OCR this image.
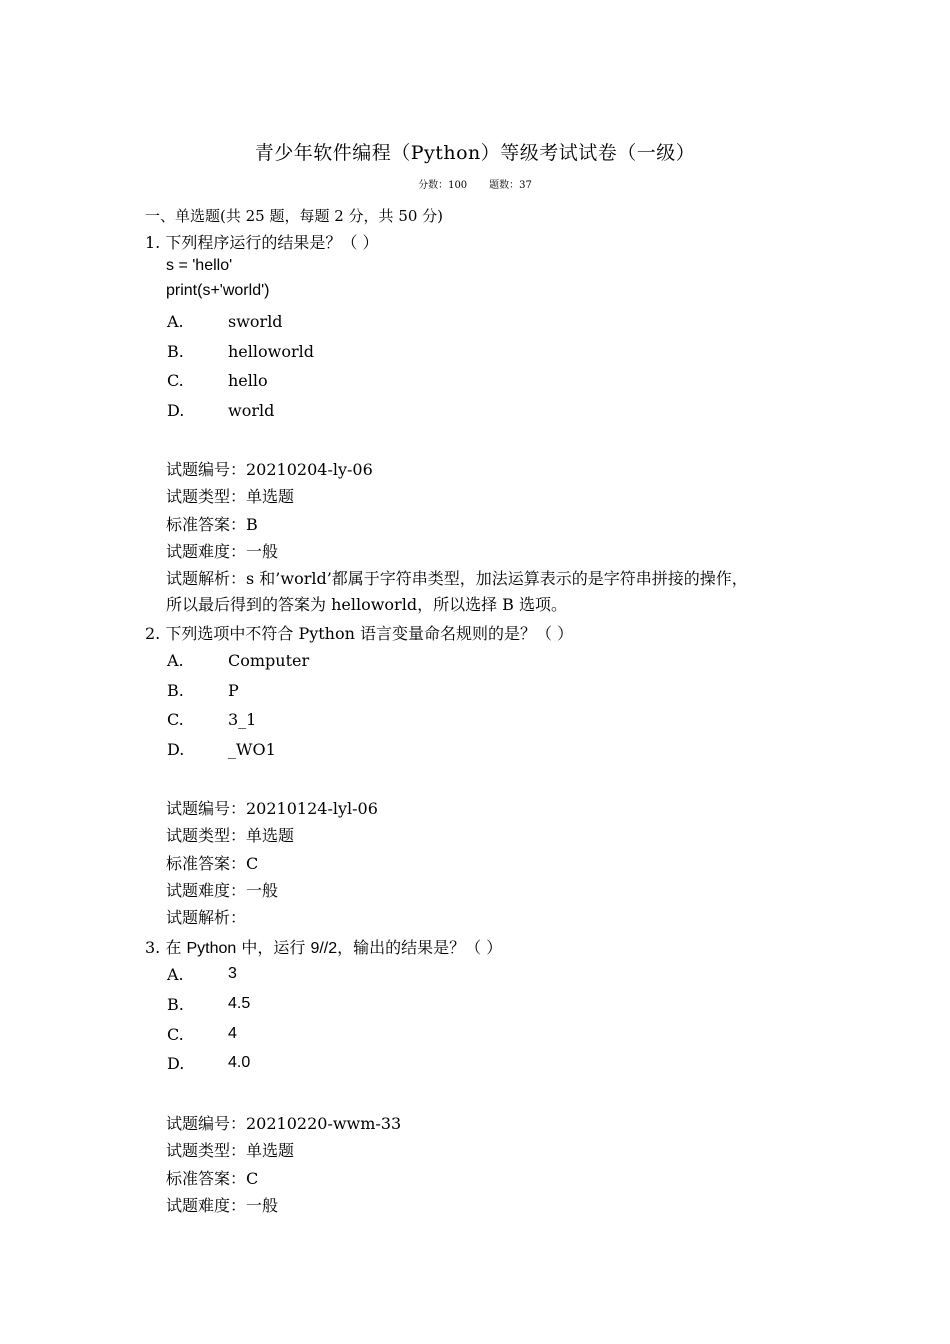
青少年软件编程（Python）等级考试试卷（一级）
分数：100 题数：37
一、单选题(共 25 题，每题 2 分，共 50 分)
1. 下列程序运行的结果是？（ ）
s = 'hello'
print(s+'world')
A.	sworld
B.	helloworld
C.	hello
D.	world
试题编号：20210204-ly-06
试题类型：单选题
标准答案：B
试题难度：一般
试题解析：s 和’world’都属于字符串类型，加法运算表示的是字符串拼接的操作，
所以最后得到的答案为 helloworld，所以选择 B 选项。
2. 下列选项中不符合 Python 语言变量命名规则的是？（ ）
A.	Computer
B.	P
C.	3_1
D.	_WO1
试题编号：20210124-lyl-06
试题类型：单选题
标准答案：C
试题难度：一般
试题解析：
3. 在 Python 中，运行 9//2，输出的结果是？（ ）
A.	3
B.	4.5
C.	4
D.	4.0
试题编号：20210220-wwm-33
试题类型：单选题
标准答案：C
试题难度：一般
